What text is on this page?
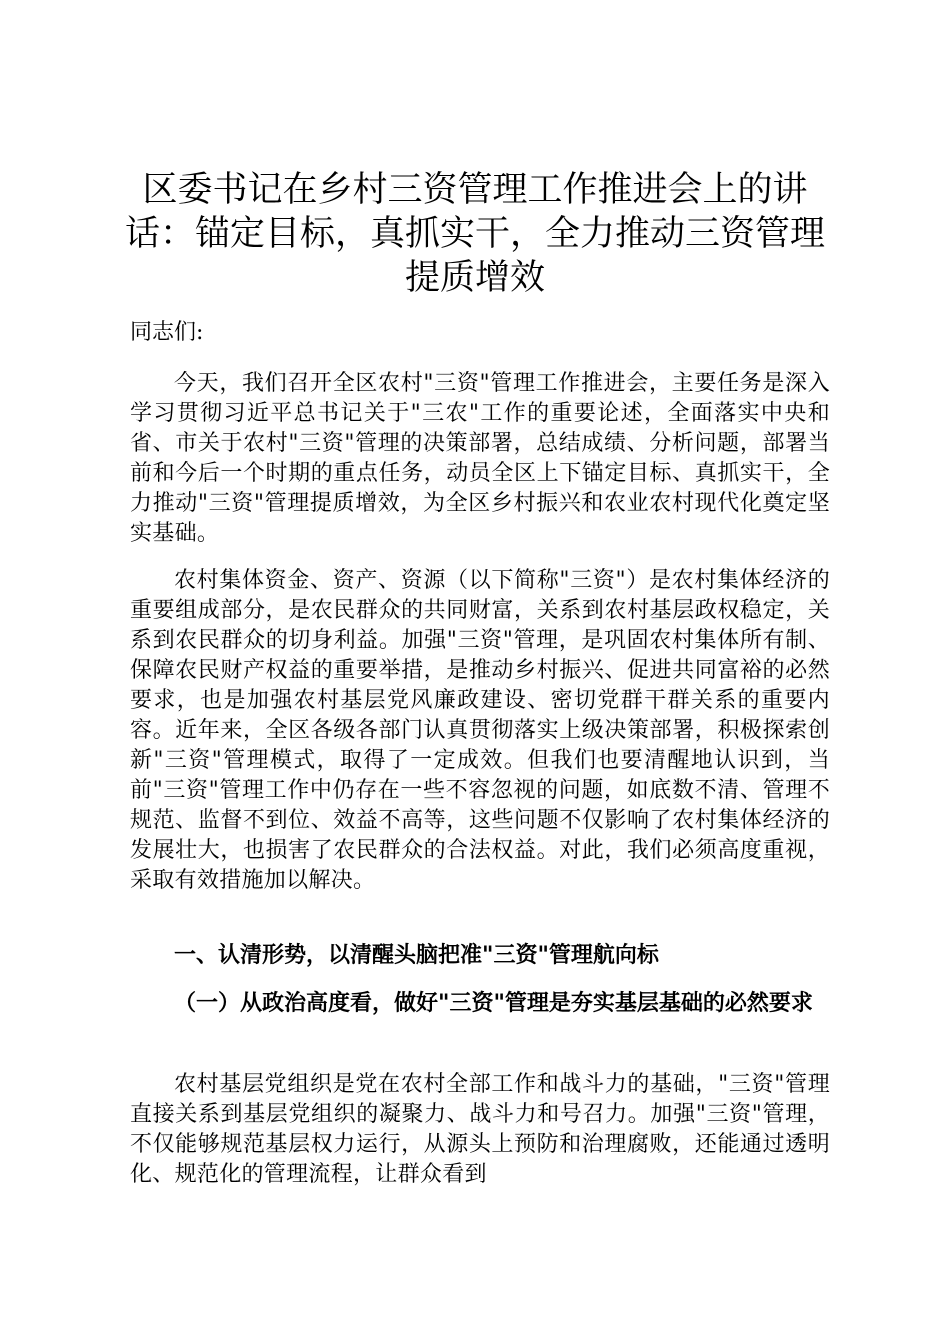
区委书记在乡村三资管理工作推进会上的讲话：锚定目标，真抓实干，全力推动三资管理提质增效

同志们:

今天，我们召开全区农村"三资"管理工作推进会，主要任务是深入学习贯彻习近平总书记关于"三农"工作的重要论述，全面落实中央和省、市关于农村"三资"管理的决策部署，总结成绩、分析问题，部署当前和今后一个时期的重点任务，动员全区上下锚定目标、真抓实干，全力推动"三资"管理提质增效，为全区乡村振兴和农业农村现代化奠定坚实基础。

农村集体资金、资产、资源（以下简称"三资"）是农村集体经济的重要组成部分，是农民群众的共同财富，关系到农村基层政权稳定，关系到农民群众的切身利益。加强"三资"管理，是巩固农村集体所有制、保障农民财产权益的重要举措，是推动乡村振兴、促进共同富裕的必然要求，也是加强农村基层党风廉政建设、密切党群干群关系的重要内容。近年来，全区各级各部门认真贯彻落实上级决策部署，积极探索创新"三资"管理模式，取得了一定成效。但我们也要清醒地认识到，当前"三资"管理工作中仍存在一些不容忽视的问题，如底数不清、管理不规范、监督不到位、效益不高等，这些问题不仅影响了农村集体经济的发展壮大，也损害了农民群众的合法权益。对此，我们必须高度重视，采取有效措施加以解决。

一、认清形势，以清醒头脑把准"三资"管理航向标

（一）从政治高度看，做好"三资"管理是夯实基层基础的必然要求

农村基层党组织是党在农村全部工作和战斗力的基础，"三资"管理直接关系到基层党组织的凝聚力、战斗力和号召力。加强"三资"管理，不仅能够规范基层权力运行，从源头上预防和治理腐败，还能通过透明化、规范化的管理流程，让群众看到
